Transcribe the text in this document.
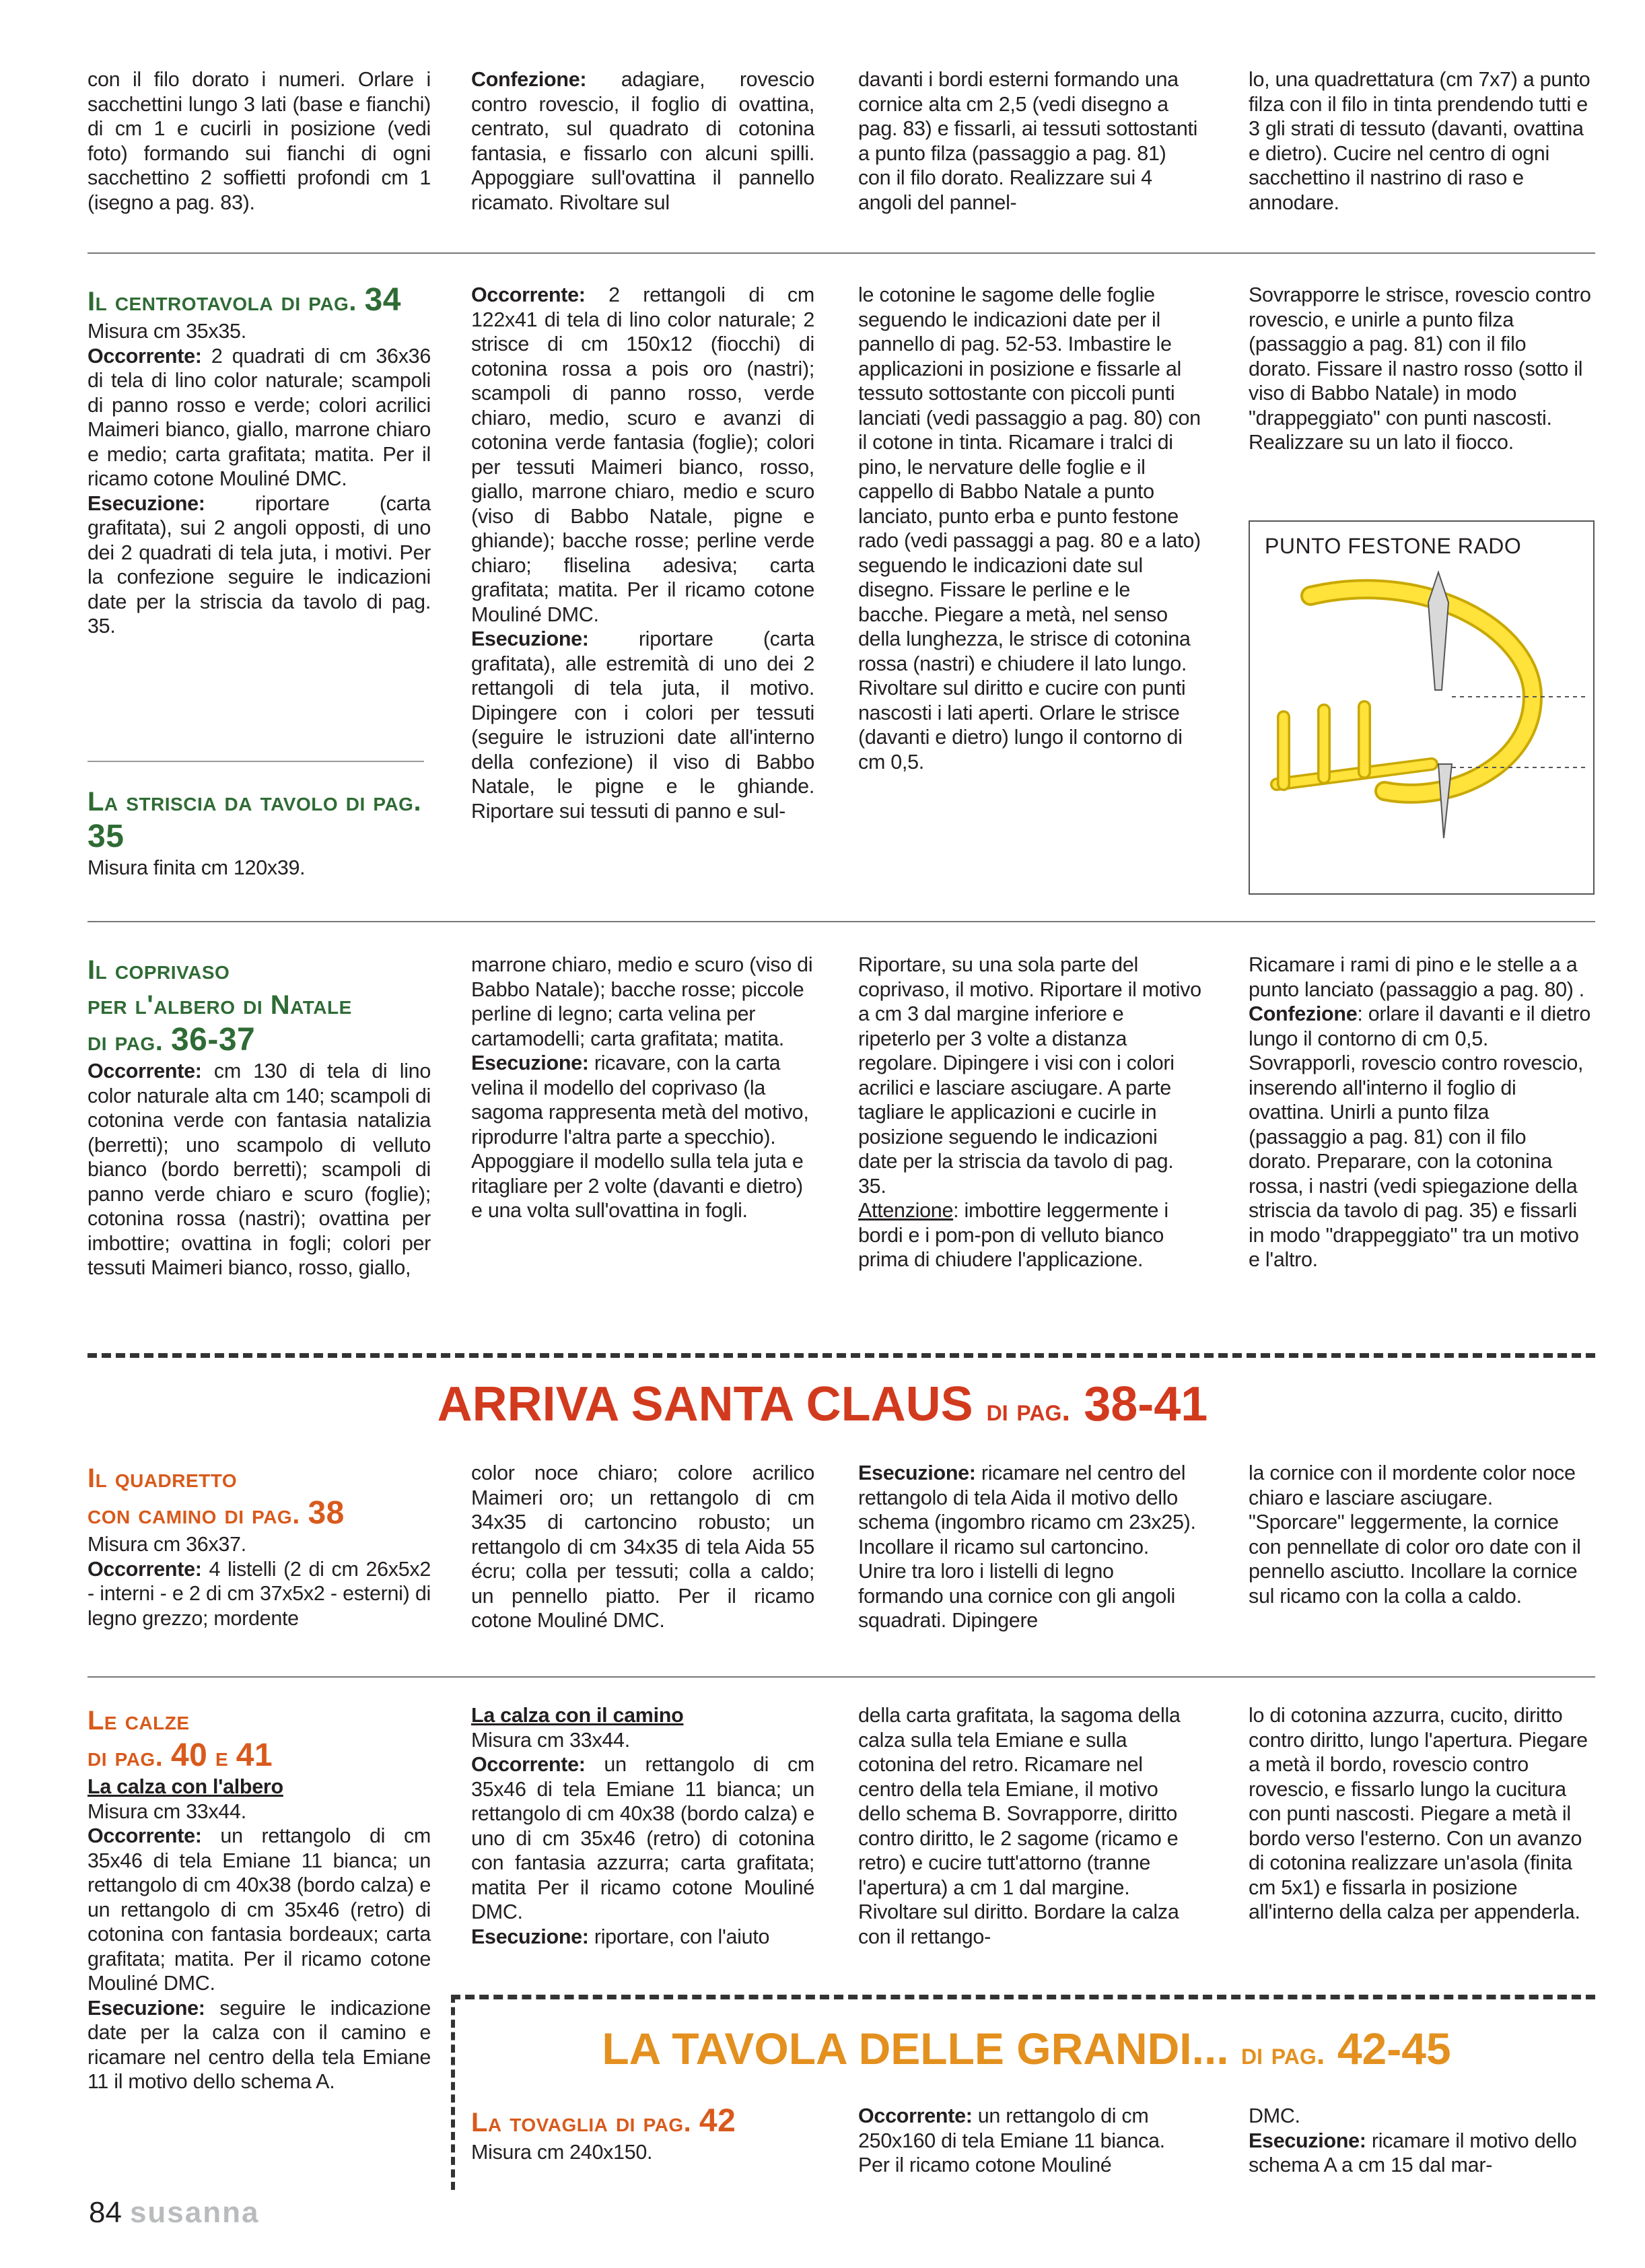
con il filo dorato i numeri. Orlare i sacchettini lungo 3 lati (base e fianchi) di cm 1 e cucirli in posizione (vedi foto) formando sui fianchi di ogni sacchettino 2 soffietti profondi cm 1 (isegno a pag. 83).

Confezione: adagiare, rovescio contro rovescio, il foglio di ovattina, centrato, sul quadrato di cotonina fantasia, e fissarlo con alcuni spilli. Appoggiare sull'ovattina il pannello ricamato. Rivoltare sul

davanti i bordi esterni formando una cornice alta cm 2,5 (vedi disegno a pag. 83) e fissarli, ai tessuti sottostanti a punto filza (passaggio a pag. 81) con il filo dorato. Realizzare sui 4 angoli del pannel-

lo, una quadrettatura (cm 7x7) a punto filza con il filo in tinta prendendo tutti e 3 gli strati di tessuto (davanti, ovattina e dietro). Cucire nel centro di ogni sacchettino il nastrino di raso e annodare.

Il centrotavola di pag. 34

Misura cm 35x35.

Occorrente: 2 quadrati di cm 36x36 di tela di lino color naturale; scampoli di panno rosso e verde; colori acrilici Maimeri bianco, giallo, marrone chiaro e medio; carta grafitata; matita. Per il ricamo cotone Mouliné DMC.

Esecuzione: riportare (carta grafitata), sui 2 angoli opposti, di uno dei 2 quadrati di tela juta, i motivi. Per la confezione seguire le indicazioni date per la striscia da tavolo di pag. 35.

La striscia da tavolo di pag. 35

Misura finita cm 120x39.

Occorrente: 2 rettangoli di cm 122x41 di tela di lino color naturale; 2 strisce di cm 150x12 (fiocchi) di cotonina rossa a pois oro (nastri); scampoli di panno rosso, verde chiaro, medio, scuro e avanzi di cotonina verde fantasia (foglie); colori per tessuti Maimeri bianco, rosso, giallo, marrone chiaro, medio e scuro (viso di Babbo Natale, pigne e ghiande); bacche rosse; perline verde chiaro; fliselina adesiva; carta grafitata; matita. Per il ricamo cotone Mouliné DMC.

Esecuzione: riportare (carta grafitata), alle estremità di uno dei 2 rettangoli di tela juta, il motivo. Dipingere con i colori per tessuti (seguire le istruzioni date all'interno della confezione) il viso di Babbo Natale, le pigne e le ghiande. Riportare sui tessuti di panno e sul-

le cotonine le sagome delle foglie seguendo le indicazioni date per il pannello di pag. 52-53. Imbastire le applicazioni in posizione e fissarle al tessuto sottostante con piccoli punti lanciati (vedi passaggio a pag. 80) con il cotone in tinta. Ricamare i tralci di pino, le nervature delle foglie e il cappello di Babbo Natale a punto lanciato, punto erba e punto festone rado (vedi passaggi a pag. 80 e a lato) seguendo le indicazioni date sul disegno. Fissare le perline e le bacche. Piegare a metà, nel senso della lunghezza, le strisce di cotonina rossa (nastri) e chiudere il lato lungo. Rivoltare sul diritto e cucire con punti nascosti i lati aperti. Orlare le strisce (davanti e dietro) lungo il contorno di cm 0,5.

Sovrapporre le strisce, rovescio contro rovescio, e unirle a punto filza (passaggio a pag. 81) con il filo dorato. Fissare il nastro rosso (sotto il viso di Babbo Natale) in modo "drappeggiato" con punti nascosti. Realizzare su un lato il fiocco.

PUNTO FESTONE RADO
Il coprivaso
per l'albero di Natale
di pag. 36-37

Occorrente: cm 130 di tela di lino color naturale alta cm 140; scampoli di cotonina verde con fantasia natalizia (berretti); uno scampolo di velluto bianco (bordo berretti); scampoli di panno verde chiaro e scuro (foglie); cotonina rossa (nastri); ovattina per imbottire; ovattina in fogli; colori per tessuti Maimeri bianco, rosso, giallo,

marrone chiaro, medio e scuro (viso di Babbo Natale); bacche rosse; piccole perline di legno; carta velina per cartamodelli; carta grafitata; matita.

Esecuzione: ricavare, con la carta velina il modello del coprivaso (la sagoma rappresenta metà del motivo, riprodurre l'altra parte a specchio). Appoggiare il modello sulla tela juta e ritagliare per 2 volte (davanti e dietro) e una volta sull'ovattina in fogli.

Riportare, su una sola parte del coprivaso, il motivo. Riportare il motivo a cm 3 dal margine inferiore e ripeterlo per 3 volte a distanza regolare. Dipingere i visi con i colori acrilici e lasciare asciugare. A parte tagliare le applicazioni e cucirle in posizione seguendo le indicazioni date per la striscia da tavolo di pag. 35.

Attenzione: imbottire leggermente i bordi e i pom-pon di velluto bianco prima di chiudere l'applicazione.

Ricamare i rami di pino e le stelle a a punto lanciato (passaggio a pag. 80) .

Confezione: orlare il davanti e il dietro lungo il contorno di cm 0,5. Sovrapporli, rovescio contro rovescio, inserendo all'interno il foglio di ovattina. Unirli a punto filza (passaggio a pag. 81) con il filo dorato. Preparare, con la cotonina rossa, i nastri (vedi spiegazione della striscia da tavolo di pag. 35) e fissarli in modo "drappeggiato" tra un motivo e l'altro.

ARRIVA SANTA CLAUS di pag. 38-41
Il quadretto
con camino di pag. 38

Misura cm 36x37.

Occorrente: 4 listelli (2 di cm 26x5x2 - interni - e 2 di cm 37x5x2 - esterni) di legno grezzo; mordente

color noce chiaro; colore acrilico Maimeri oro; un rettangolo di cm 34x35 di cartoncino robusto; un rettangolo di cm 34x35 di tela Aida 55 écru; colla per tessuti; colla a caldo; un pennello piatto. Per il ricamo cotone Mouliné DMC.

Esecuzione: ricamare nel centro del rettangolo di tela Aida il motivo dello schema (ingombro ricamo cm 23x25). Incollare il ricamo sul cartoncino. Unire tra loro i listelli di legno formando una cornice con gli angoli squadrati. Dipingere

la cornice con il mordente color noce chiaro e lasciare asciugare. "Sporcare" leggermente, la cornice con pennellate di color oro date con il pennello asciutto. Incollare la cornice sul ricamo con la colla a caldo.

Le calze
di pag. 40 e 41

La calza con l'albero

Misura cm 33x44.

Occorrente: un rettangolo di cm 35x46 di tela Emiane 11 bianca; un rettangolo di cm 40x38 (bordo calza) e un rettangolo di cm 35x46 (retro) di cotonina con fantasia bordeaux; carta grafitata; matita. Per il ricamo cotone Mouliné DMC.

Esecuzione: seguire le indicazione date per la calza con il camino e ricamare nel centro della tela Emiane 11 il motivo dello schema A.

La calza con il camino

Misura cm 33x44.

Occorrente: un rettangolo di cm 35x46 di tela Emiane 11 bianca; un rettangolo di cm 40x38 (bordo calza) e uno di cm 35x46 (retro) di cotonina con fantasia azzurra; carta grafitata; matita Per il ricamo cotone Mouliné DMC.

Esecuzione: riportare, con l'aiuto

della carta grafitata, la sagoma della calza sulla tela Emiane e sulla cotonina del retro. Ricamare nel centro della tela Emiane, il motivo dello schema B. Sovrapporre, diritto contro diritto, le 2 sagome (ricamo e retro) e cucire tutt'attorno (tranne l'apertura) a cm 1 dal margine. Rivoltare sul diritto. Bordare la calza con il rettango-

lo di cotonina azzurra, cucito, diritto contro diritto, lungo l'apertura. Piegare a metà il bordo, rovescio contro rovescio, e fissarlo lungo la cucitura con punti nascosti. Piegare a metà il bordo verso l'esterno. Con un avanzo di cotonina realizzare un'asola (finita cm 5x1) e fissarla in posizione all'interno della calza per appenderla.

LA TAVOLA DELLE GRANDI... di pag. 42-45
La tovaglia di pag. 42

Misura cm 240x150.

Occorrente: un rettangolo di cm 250x160 di tela Emiane 11 bianca. Per il ricamo cotone Mouliné

DMC.

Esecuzione: ricamare il motivo dello schema A a cm 15 dal mar-

84 susanna
